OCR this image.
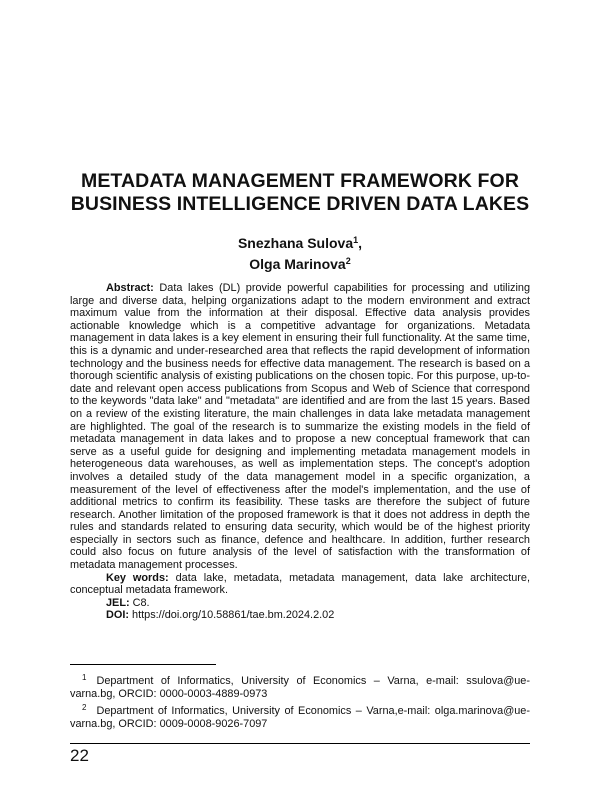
METADATA MANAGEMENT FRAMEWORK FOR
BUSINESS INTELLIGENCE DRIVEN DATA LAKES
Snezhana Sulova$^1$,
Olga Marinova$^2$

Abstract: Data lakes (DL) provide powerful capabilities for processing and utilizing large and diverse data, helping organizations adapt to the modern environment and extract maximum value from the information at their disposal. Effective data analysis provides actionable knowledge which is a competitive advantage for organizations. Metadata management in data lakes is a key element in ensuring their full functionality. At the same time, this is a dynamic and under-researched area that reflects the rapid development of information technology and the business needs for effective data management. The research is based on a thorough scientific analysis of existing publications on the chosen topic. For this purpose, up-to-date and relevant open access publications from Scopus and Web of Science that correspond to the keywords "data lake" and "metadata" are identified and are from the last 15 years. Based on a review of the existing literature, the main challenges in data lake metadata management are highlighted. The goal of the research is to summarize the existing models in the field of metadata management in data lakes and to propose a new conceptual framework that can serve as a useful guide for designing and implementing metadata management models in heterogeneous data warehouses, as well as implementation steps. The concept's adoption involves a detailed study of the data management model in a specific organization, a measurement of the level of effectiveness after the model's implementation, and the use of additional metrics to confirm its feasibility. These tasks are therefore the subject of future research. Another limitation of the proposed framework is that it does not address in depth the rules and standards related to ensuring data security, which would be of the highest priority especially in sectors such as finance, defence and healthcare. In addition, further research could also focus on future analysis of the level of satisfaction with the transformation of metadata management processes.

Key words: data lake, metadata, metadata management, data lake architecture, conceptual metadata framework.

JEL: C8.

DOI: https://doi.org/10.58861/tae.bm.2024.2.02

$^1$ Department of Informatics, University of Economics – Varna, e-mail: ssulova@ue-varna.bg, ORCID: 0000-0003-4889-0973

$^2$ Department of Informatics, University of Economics – Varna,e-mail: olga.marinova@ue-varna.bg, ORCID: 0009-0008-9026-7097

22
